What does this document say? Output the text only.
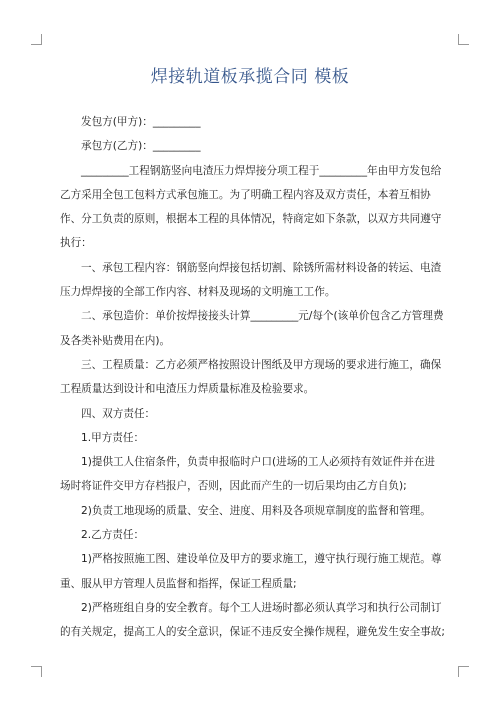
焊接轨道板承揽合同 模板

发包方(甲方)：_________

承包方(乙方)：_________

_________工程钢筋竖向电渣压力焊焊接分项工程于_________年由甲方发包给乙方采用全包工包料方式承包施工。为了明确工程内容及双方责任，本着互相协作、分工负责的原则，根据本工程的具体情况，特商定如下条款，以双方共同遵守执行：

一、承包工程内容：钢筋竖向焊接包括切割、除锈所需材料设备的转运、电渣压力焊焊接的全部工作内容、材料及现场的文明施工工作。

二、承包造价：单价按焊接接头计算_________元/每个(该单价包含乙方管理费及各类补贴费用在内)。

三、工程质量：乙方必须严格按照设计图纸及甲方现场的要求进行施工，确保工程质量达到设计和电渣压力焊质量标准及检验要求。

四、双方责任：

1.甲方责任：

1)提供工人住宿条件，负责申报临时户口(进场的工人必须持有效证件并在进场时将证件交甲方存档报户，否则，因此而产生的一切后果均由乙方自负);

2)负责工地现场的质量、安全、进度、用料及各项规章制度的监督和管理。

2.乙方责任：

1)严格按照施工图、建设单位及甲方的要求施工，遵守执行现行施工规范。尊重、服从甲方管理人员监督和指挥，保证工程质量;

2)严格班组自身的安全教育。每个工人进场时都必须认真学习和执行公司制订的有关规定，提高工人的安全意识，保证不违反安全操作规程，避免发生安全事故;
